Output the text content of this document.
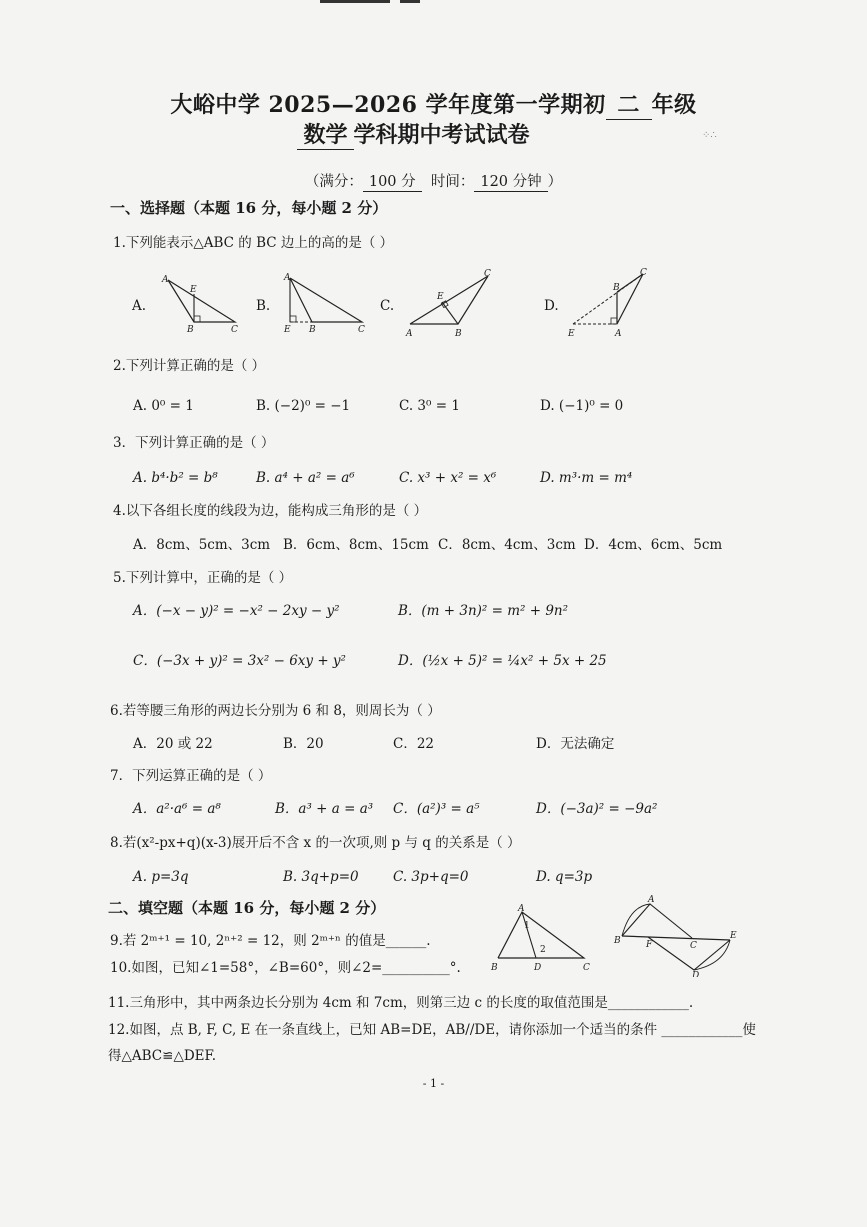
⁘∴
大峪中学 2025—2026 学年度第一学期初 二 年级
数学 学科期中考试试卷
（满分： 100 分 时间： 120 分钟 ）
一、选择题（本题 16 分，每小题 2 分）
1.下列能表示△ABC 的 BC 边上的高的是（ ）
A.	B.	C.	D.
A
E
B	C
A
E B	C	A
E
B
C
B
E	A
C
2.下列计算正确的是（ ）
A. 0⁰ = 1	B. (−2)⁰ = −1	C. 3⁰ = 1	D. (−1)⁰ = 0
3．下列计算正确的是（ ）
A. b⁴·b² = b⁸	B. a⁴ + a² = a⁶	C. x³ + x² = x⁶	D. m³·m = m⁴
4.以下各组长度的线段为边，能构成三角形的是（ ）
A．8cm、5cm、3cm B．6cm、8cm、15cm C．8cm、4cm、3cm D．4cm、6cm、5cm
5.下列计算中，正确的是（ ）
A．(−x − y)² = −x² − 2xy − y²	B．(m + 3n)² = m² + 9n²
C．(−3x + y)² = 3x² − 6xy + y²	D．(½x + 5)² = ¼x² + 5x + 25
6.若等腰三角形的两边长分别为 6 和 8，则周长为（ ）
A．20 或 22	B．20	C．22	D．无法确定
7．下列运算正确的是（ ）
A．a²·a⁶ = a⁸	B．a³ + a = a³ C．(a²)³ = a⁵	D．(−3a)² = −9a²
8.若(x²-px+q)(x-3)展开后不含 x 的一次项,则 p 与 q 的关系是（ ）
A. p=3q	B. 3q+p=0	C. 3p+q=0	D. q=3p
二、填空题（本题 16 分，每小题 2 分）
9.若 2ᵐ⁺¹ = 10, 2ⁿ⁺² = 12，则 2ᵐ⁺ⁿ 的值是______.
10.如图，已知∠1=58°，∠B=60°，则∠2=__________°.
A
1
2
B	D	C
A
B	F	C
E
D
11.三角形中，其中两条边长分别为 4cm 和 7cm，则第三边 c 的长度的取值范围是____________.
12.如图，点 B, F, C, E 在一条直线上，已知 AB=DE，AB//DE，请你添加一个适当的条件 ____________使
得△ABC≌△DEF.
- 1 -
